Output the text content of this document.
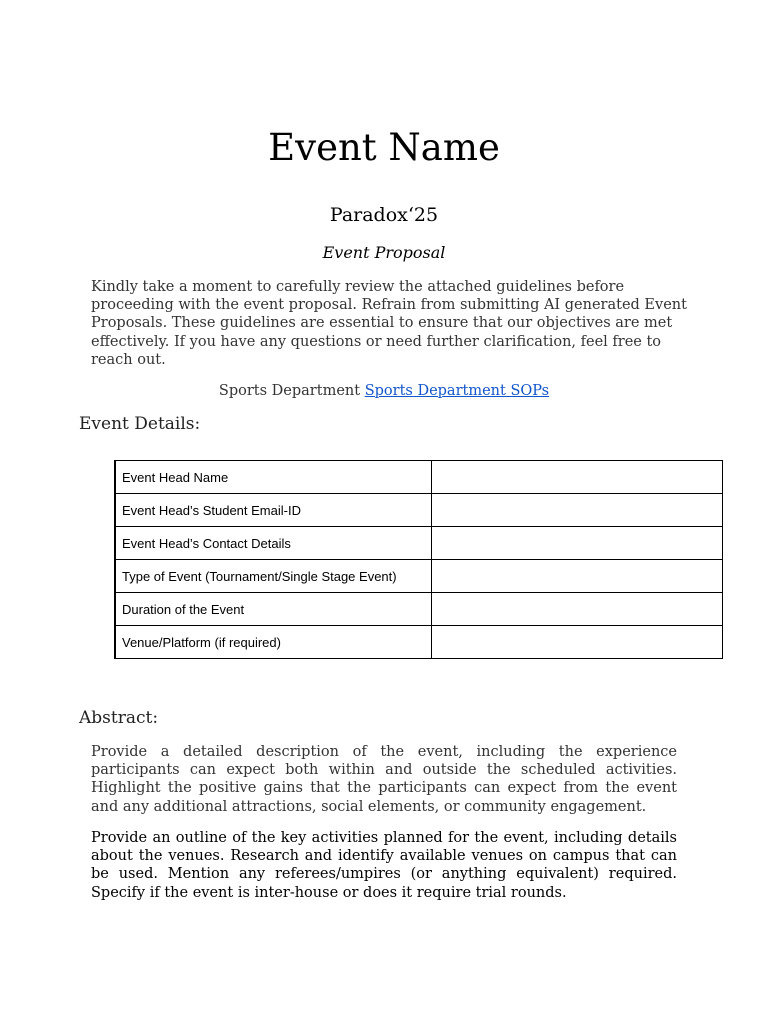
Event Name
Paradox‘25
Event Proposal

Kindly take a moment to carefully review the attached guidelines before proceeding with the event proposal. Refrain from submitting AI generated Event Proposals. These guidelines are essential to ensure that our objectives are met effectively. If you have any questions or need further clarification, feel free to reach out.

Sports Department Sports Department SOPs
Event Details:
Event Head Name	
Event Head’s Student Email-ID	
Event Head’s Contact Details	
Type of Event (Tournament/Single Stage Event)	
Duration of the Event	
Venue/Platform (if required)	
Abstract:

Provide a detailed description of the event, including the experience participants can expect both within and outside the scheduled activities. Highlight the positive gains that the participants can expect from the event and any additional attractions, social elements, or community engagement.

Provide an outline of the key activities planned for the event, including details about the venues. Research and identify available venues on campus that can be used. Mention any referees/umpires (or anything equivalent) required. Specify if the event is inter-house or does it require trial rounds.
